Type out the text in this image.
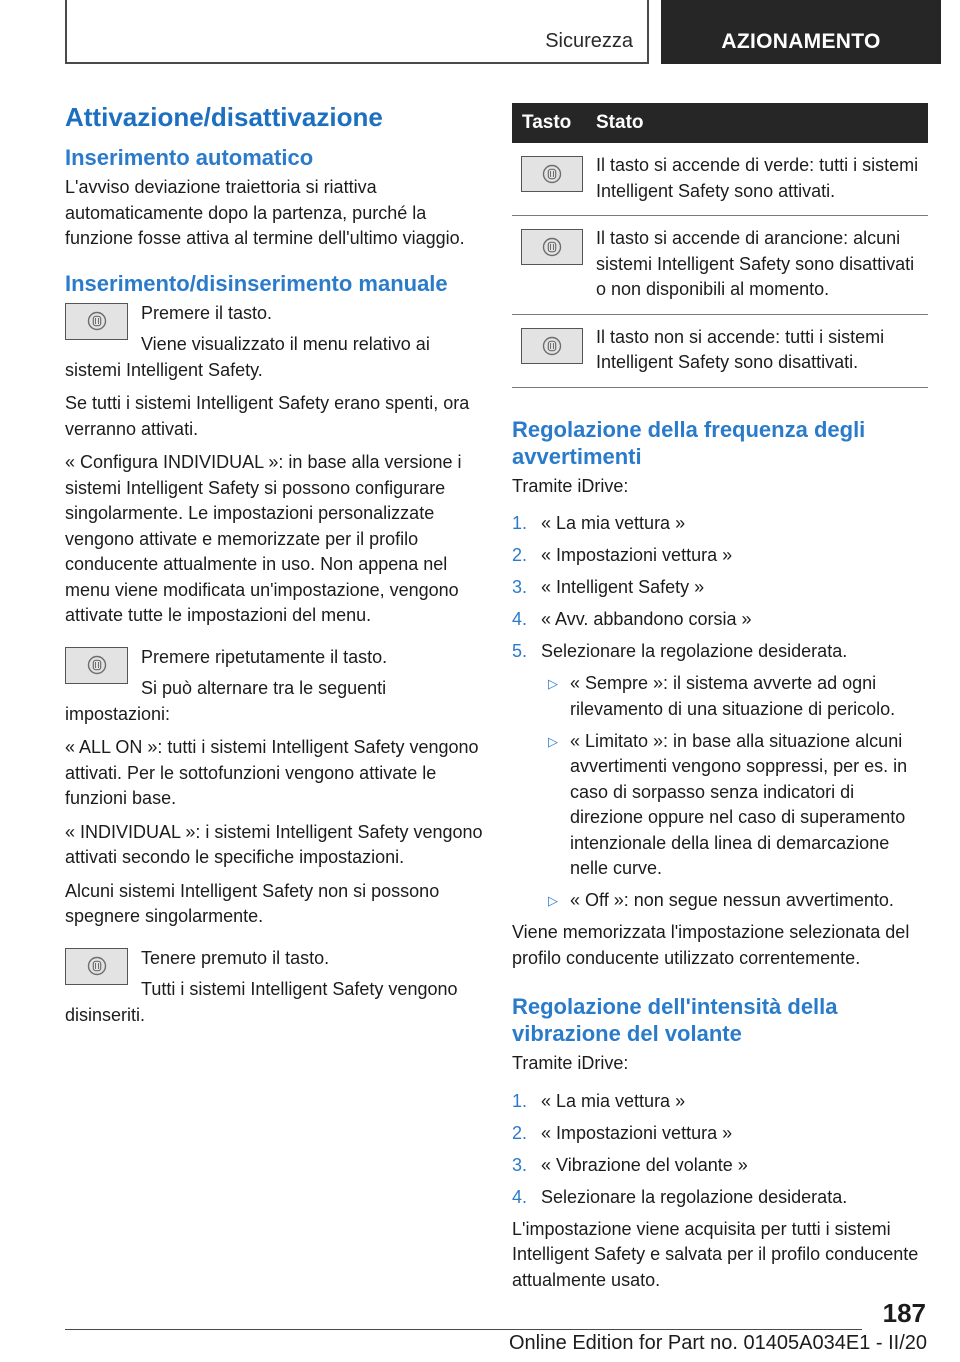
Sicurezza	AZIONAMENTO
Attivazione/disattivazione
Inserimento automatico

L'avviso deviazione traiettoria si riattiva automaticamente dopo la partenza, purché la funzione fosse attiva al termine dell'ultimo viaggio.

Inserimento/disinserimento manuale

Premere il tasto.

Viene visualizzato il menu relativo ai sistemi Intelligent Safety.

Se tutti i sistemi Intelligent Safety erano spenti, ora verranno attivati.

« Configura INDIVIDUAL »: in base alla versione i sistemi Intelligent Safety si possono configurare singolarmente. Le impostazioni personalizzate vengono attivate e memorizzate per il profilo conducente attualmente in uso. Non appena nel menu viene modificata un'impostazione, vengono attivate tutte le impostazioni del menu.

Premere ripetutamente il tasto.

Si può alternare tra le seguenti impostazioni:

« ALL ON »: tutti i sistemi Intelligent Safety vengono attivati. Per le sottofunzioni vengono attivate le funzioni base.

« INDIVIDUAL »: i sistemi Intelligent Safety vengono attivati secondo le specifiche impostazioni.

Alcuni sistemi Intelligent Safety non si possono spegnere singolarmente.

Tenere premuto il tasto.

Tutti i sistemi Intelligent Safety vengono disinseriti.

Tasto	Stato
Il tasto si accende di verde: tutti i sistemi Intelligent Safety sono attivati.
Il tasto si accende di arancione: alcuni sistemi Intelligent Safety sono disattivati o non disponibili al momento.
Il tasto non si accende: tutti i sistemi Intelligent Safety sono disattivati.
Regolazione della frequenza degli avvertimenti

Tramite iDrive:

1. « La mia vettura »
2. « Impostazioni vettura »
3. « Intelligent Safety »
4. « Avv. abbandono corsia »
5. Selezionare la regolazione desiderata.
▷ « Sempre »: il sistema avverte ad ogni rilevamento di una situazione di pericolo.
▷ « Limitato »: in base alla situazione alcuni avvertimenti vengono soppressi, per es. in caso di sorpasso senza indicatori di direzione oppure nel caso di superamento intenzionale della linea di demarcazione nelle curve.
▷ « Off »: non segue nessun avvertimento.

Viene memorizzata l'impostazione selezionata del profilo conducente utilizzato correntemente.

Regolazione dell'intensità della vibrazione del volante

Tramite iDrive:

1. « La mia vettura »
2. « Impostazioni vettura »
3. « Vibrazione del volante »
4. Selezionare la regolazione desiderata.

L'impostazione viene acquisita per tutti i sistemi Intelligent Safety e salvata per il profilo conducente attualmente usato.

187
Online Edition for Part no. 01405A034E1 - II/20
